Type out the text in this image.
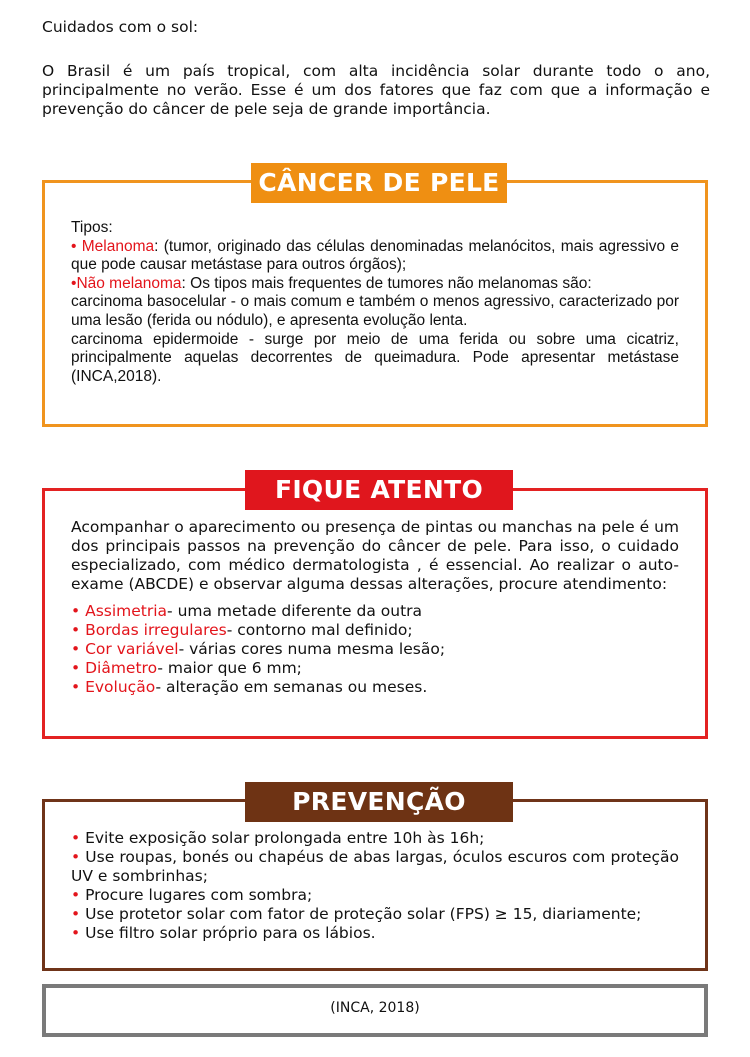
Cuidados com o sol:
O Brasil é um país tropical, com alta incidência solar durante todo o ano, principalmente no verão. Esse é um dos fatores que faz com que a informação e prevenção do câncer de pele seja de grande importância.
CÂNCER DE PELE
Tipos:
• Melanoma: (tumor, originado das células denominadas melanócitos, mais agressivo e que pode causar metástase para outros órgãos);
•Não melanoma: Os tipos mais frequentes de tumores não melanomas são:
carcinoma basocelular - o mais comum e também o menos agressivo, caracterizado por uma lesão (ferida ou nódulo), e apresenta evolução lenta.
carcinoma epidermoide - surge por meio de uma ferida ou sobre uma cicatriz, principalmente aquelas decorrentes de queimadura. Pode apresentar metástase (INCA,2018).
FIQUE ATENTO
Acompanhar o aparecimento ou presença de pintas ou manchas na pele é um dos principais passos na prevenção do câncer de pele. Para isso, o cuidado especializado, com médico dermatologista , é essencial. Ao realizar o auto-exame (ABCDE) e observar alguma dessas alterações, procure atendimento:
• Assimetria- uma metade diferente da outra
• Bordas irregulares- contorno mal definido;
• Cor variável- várias cores numa mesma lesão;
• Diâmetro- maior que 6 mm;
• Evolução- alteração em semanas ou meses.
PREVENÇÃO
• Evite exposição solar prolongada entre 10h às 16h;
• Use roupas, bonés ou chapéus de abas largas, óculos escuros com proteção UV e sombrinhas;
• Procure lugares com sombra;
• Use protetor solar com fator de proteção solar (FPS) ≥ 15, diariamente;
• Use filtro solar próprio para os lábios.
(INCA, 2018)
